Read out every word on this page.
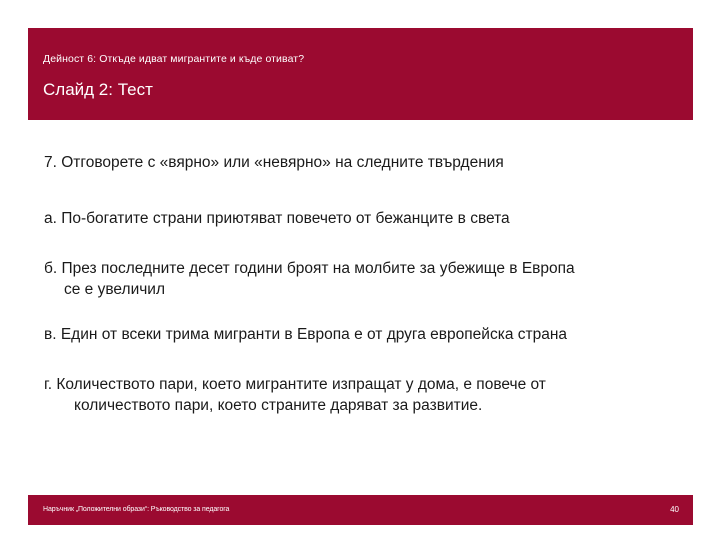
Дейност 6: Откъде идват мигрантите и къде отиват?
Слайд 2: Тест

7. Отговорете с «вярно» или «невярно» на следните твърдения

а. По-богатите страни приютяват повечето от бежанците в света

б. През последните десет години броят на молбите за убежище в Европа
се е увеличил

в. Един от всеки трима мигранти в Европа е от друга европейска страна

г. Количеството пари, което мигрантите изпращат у дома, е повече от
количеството пари, което страните даряват за развитие.

Наръчник „Положителни образи“: Ръководство за педагога	40
